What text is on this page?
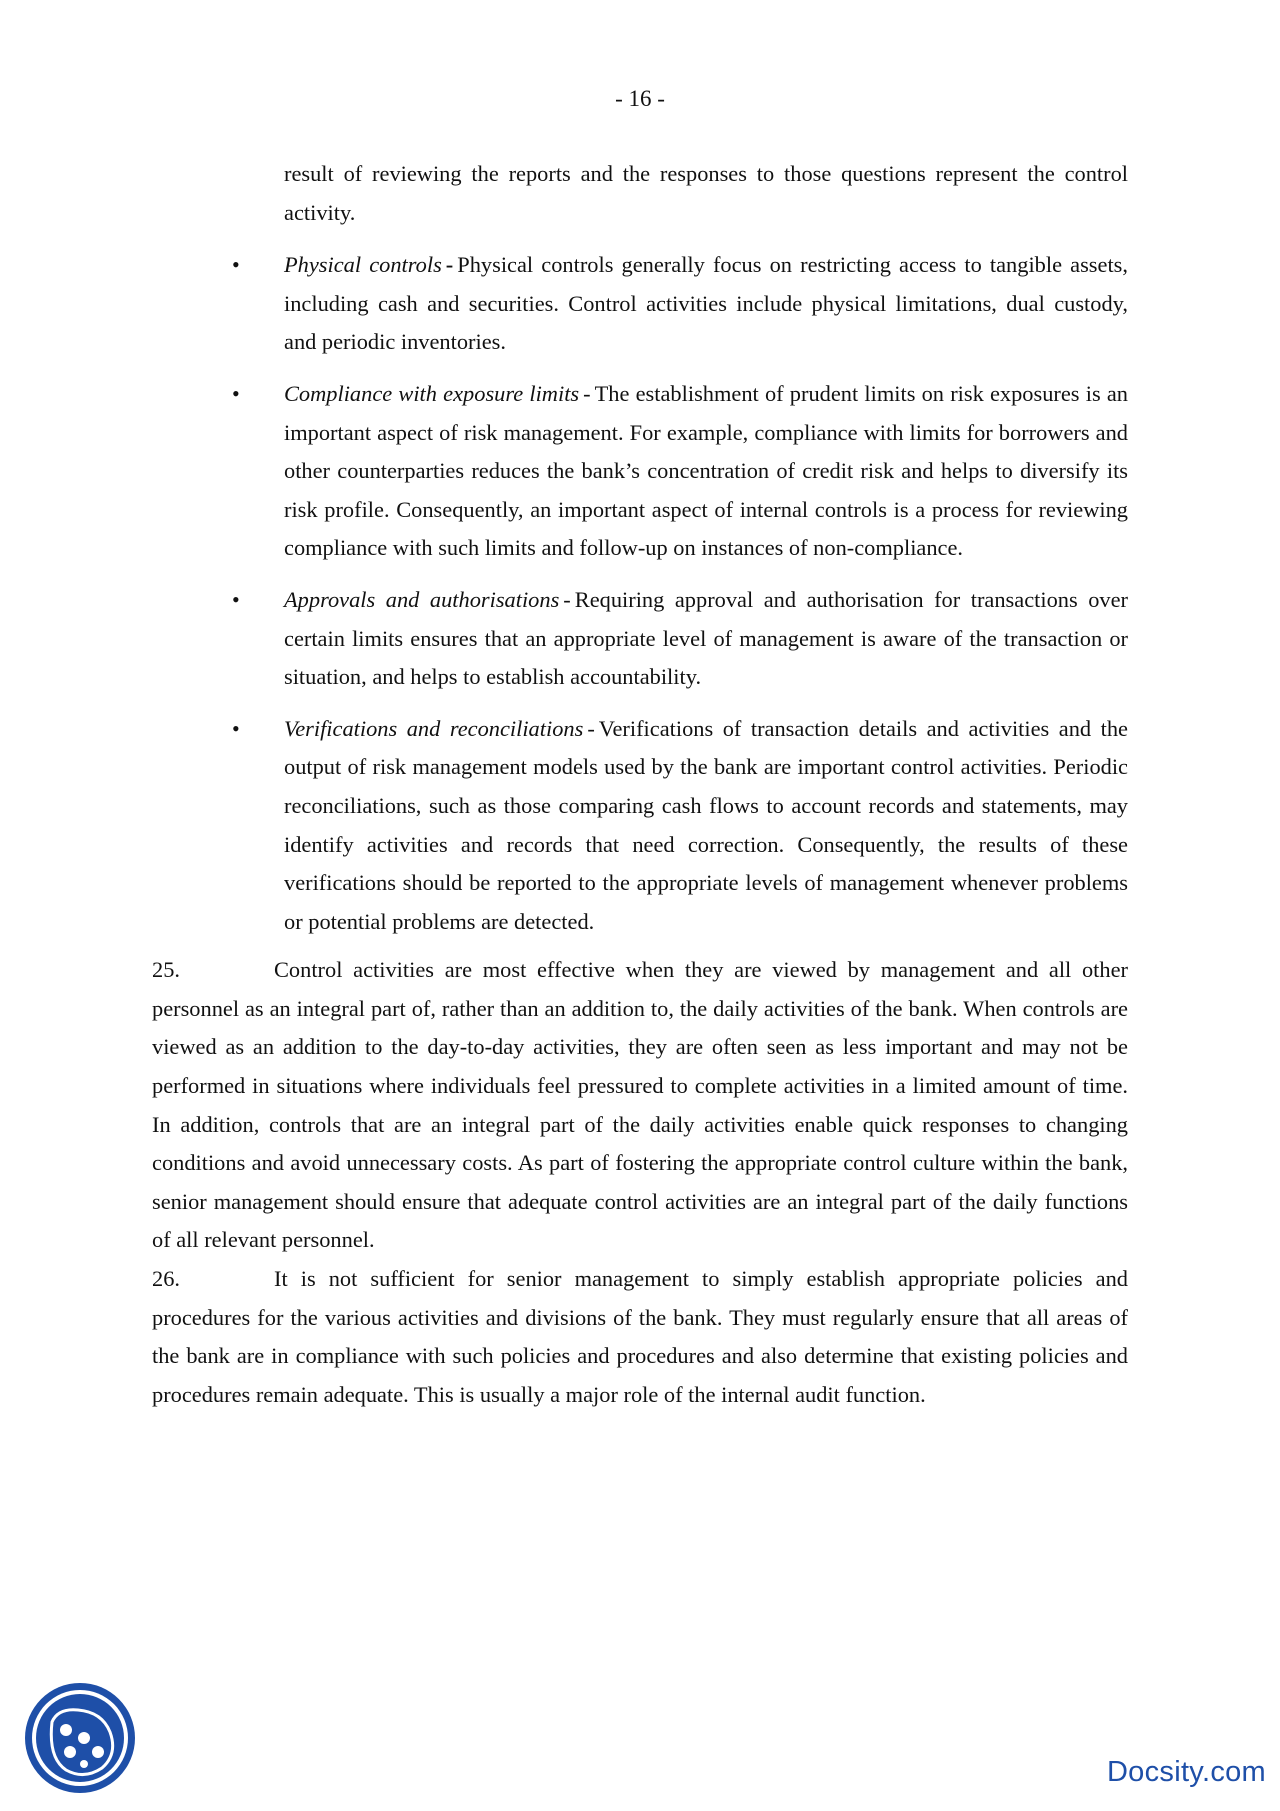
- 16 -

result of reviewing the reports and the responses to those questions represent the control activity.

• Physical controls - Physical controls generally focus on restricting access to tangible assets, including cash and securities. Control activities include physical limitations, dual custody, and periodic inventories.
• Compliance with exposure limits - The establishment of prudent limits on risk exposures is an important aspect of risk management. For example, compliance with limits for borrowers and other counterparties reduces the bank’s concentration of credit risk and helps to diversify its risk profile. Consequently, an important aspect of internal controls is a process for reviewing compliance with such limits and follow-up on instances of non-compliance.
• Approvals and authorisations - Requiring approval and authorisation for transactions over certain limits ensures that an appropriate level of management is aware of the transaction or situation, and helps to establish accountability.
• Verifications and reconciliations - Verifications of transaction details and activities and the output of risk management models used by the bank are important control activities. Periodic reconciliations, such as those comparing cash flows to account records and statements, may identify activities and records that need correction. Consequently, the results of these verifications should be reported to the appropriate levels of management whenever problems or potential problems are detected.

25.	Control activities are most effective when they are viewed by management and all other personnel as an integral part of, rather than an addition to, the daily activities of the bank. When controls are viewed as an addition to the day-to-day activities, they are often seen as less important and may not be performed in situations where individuals feel pressured to complete activities in a limited amount of time. In addition, controls that are an integral part of the daily activities enable quick responses to changing conditions and avoid unnecessary costs. As part of fostering the appropriate control culture within the bank, senior management should ensure that adequate control activities are an integral part of the daily functions of all relevant personnel.

26.	It is not sufficient for senior management to simply establish appropriate policies and procedures for the various activities and divisions of the bank. They must regularly ensure that all areas of the bank are in compliance with such policies and procedures and also determine that existing policies and procedures remain adequate. This is usually a major role of the internal audit function.

Docsity.com
